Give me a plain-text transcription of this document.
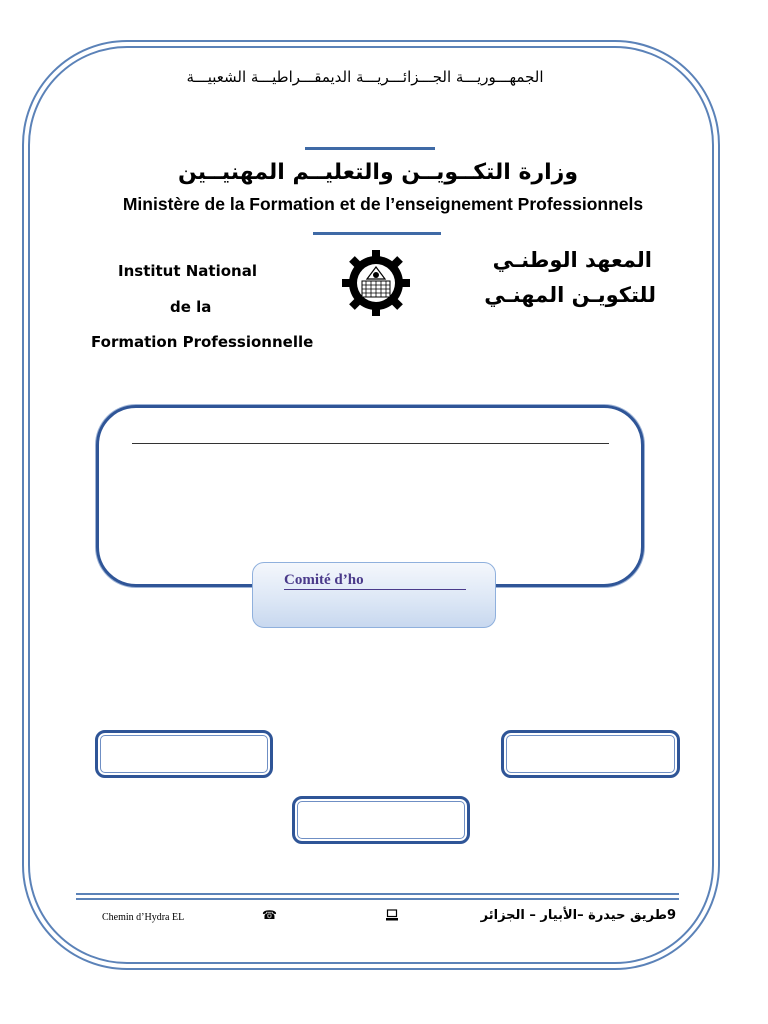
الجمهـــوريـــة الجـــزائـــريـــة الديمقـــراطيـــة الشعبيـــة
وزارة التكــويــن والتعليــم المهنيــين
Ministère de la Formation et de l’enseignement Professionnels
Institut National
de la
Formation Professionnelle
المعهد الوطنـي
للتكويـن المهنـي
Comité d’ho
Chemin d’Hydra EL	☎	9طريق حيدرة –الأبيار – الجزائر
